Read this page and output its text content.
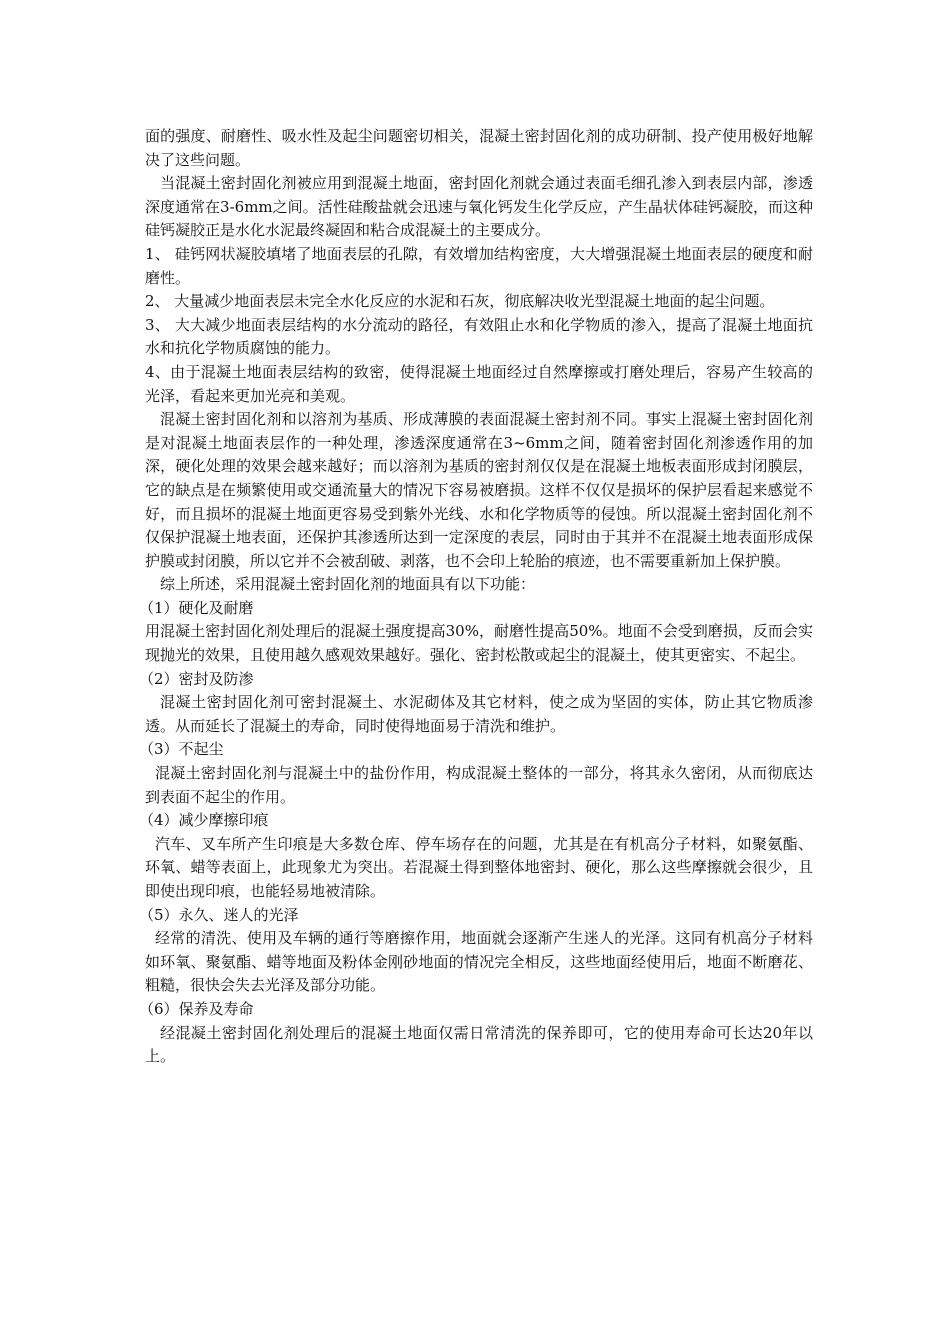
面的强度、耐磨性、吸水性及起尘问题密切相关，混凝土密封固化剂的成功研制、投产使用极好地解决了这些问题。

当混凝土密封固化剂被应用到混凝土地面，密封固化剂就会通过表面毛细孔渗入到表层内部，渗透深度通常在3-6mm之间。活性硅酸盐就会迅速与氧化钙发生化学反应，产生晶状体硅钙凝胶，而这种硅钙凝胶正是水化水泥最终凝固和粘合成混凝土的主要成分。

1、 硅钙网状凝胶填堵了地面表层的孔隙，有效增加结构密度，大大增强混凝土地面表层的硬度和耐磨性。

2、 大量减少地面表层未完全水化反应的水泥和石灰，彻底解决收光型混凝土地面的起尘问题。

3、 大大减少地面表层结构的水分流动的路径，有效阻止水和化学物质的渗入，提高了混凝土地面抗水和抗化学物质腐蚀的能力。

4、由于混凝土地面表层结构的致密，使得混凝土地面经过自然摩擦或打磨处理后，容易产生较高的光泽，看起来更加光亮和美观。

混凝土密封固化剂和以溶剂为基质、形成薄膜的表面混凝土密封剂不同。事实上混凝土密封固化剂是对混凝土地面表层作的一种处理，渗透深度通常在3~6mm之间，随着密封固化剂渗透作用的加深，硬化处理的效果会越来越好；而以溶剂为基质的密封剂仅仅是在混凝土地板表面形成封闭膜层，它的缺点是在频繁使用或交通流量大的情况下容易被磨损。这样不仅仅是损坏的保护层看起来感觉不好，而且损坏的混凝土地面更容易受到紫外光线、水和化学物质等的侵蚀。所以混凝土密封固化剂不仅保护混凝土地表面，还保护其渗透所达到一定深度的表层，同时由于其并不在混凝土地表面形成保护膜或封闭膜，所以它并不会被刮破、剥落，也不会印上轮胎的痕迹，也不需要重新加上保护膜。

综上所述，采用混凝土密封固化剂的地面具有以下功能：

（1）硬化及耐磨

用混凝土密封固化剂处理后的混凝土强度提高30%，耐磨性提高50%。地面不会受到磨损，反而会实现抛光的效果，且使用越久感观效果越好。强化、密封松散或起尘的混凝土，使其更密实、不起尘。

（2）密封及防渗

混凝土密封固化剂可密封混凝土、水泥砌体及其它材料，使之成为坚固的实体，防止其它物质渗透。从而延长了混凝土的寿命，同时使得地面易于清洗和维护。

（3）不起尘

混凝土密封固化剂与混凝土中的盐份作用，构成混凝土整体的一部分，将其永久密闭，从而彻底达到表面不起尘的作用。

（4）减少摩擦印痕

汽车、叉车所产生印痕是大多数仓库、停车场存在的问题，尤其是在有机高分子材料，如聚氨酯、环氧、蜡等表面上，此现象尤为突出。若混凝土得到整体地密封、硬化，那么这些摩擦就会很少，且即使出现印痕，也能轻易地被清除。

（5）永久、迷人的光泽

经常的清洗、使用及车辆的通行等磨擦作用，地面就会逐渐产生迷人的光泽。这同有机高分子材料如环氧、聚氨酯、蜡等地面及粉体金刚砂地面的情况完全相反，这些地面经使用后，地面不断磨花、粗糙，很快会失去光泽及部分功能。

（6）保养及寿命

经混凝土密封固化剂处理后的混凝土地面仅需日常清洗的保养即可，它的使用寿命可长达20年以上。
